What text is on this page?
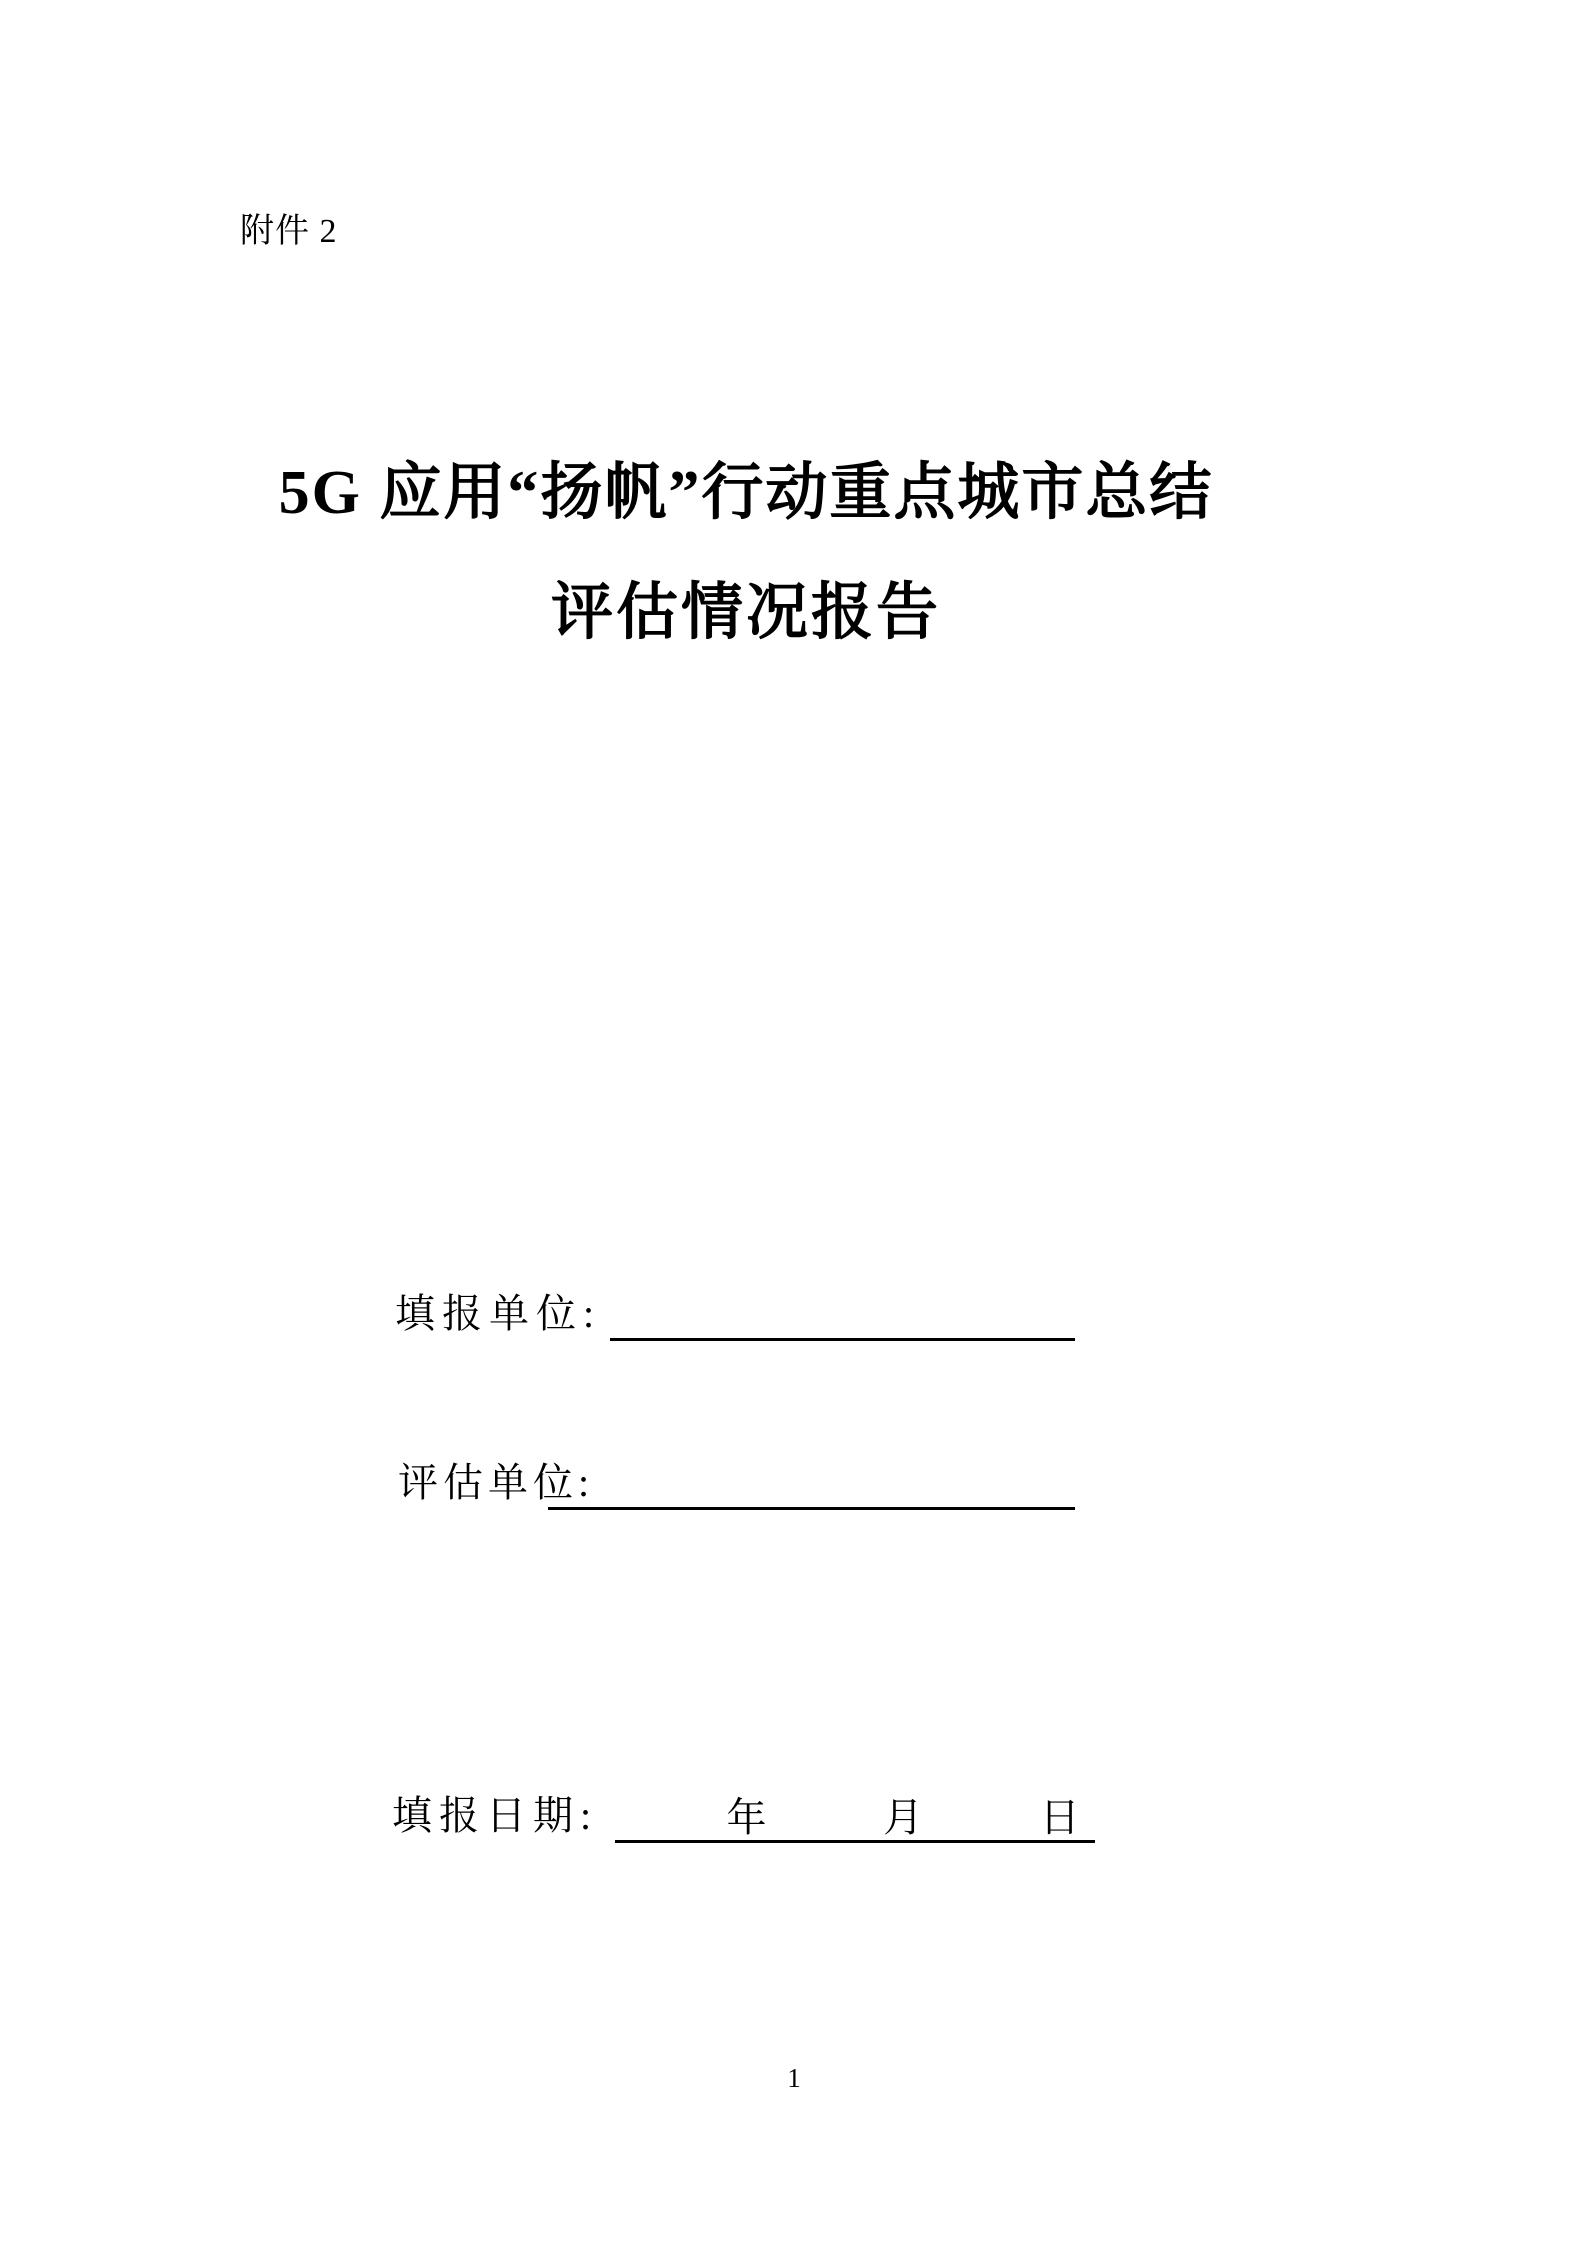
附件 2
5G 应用“扬帆”行动重点城市总结
评估情况报告
填报单位:
评估单位:
填报日期:	年	月	日
1
